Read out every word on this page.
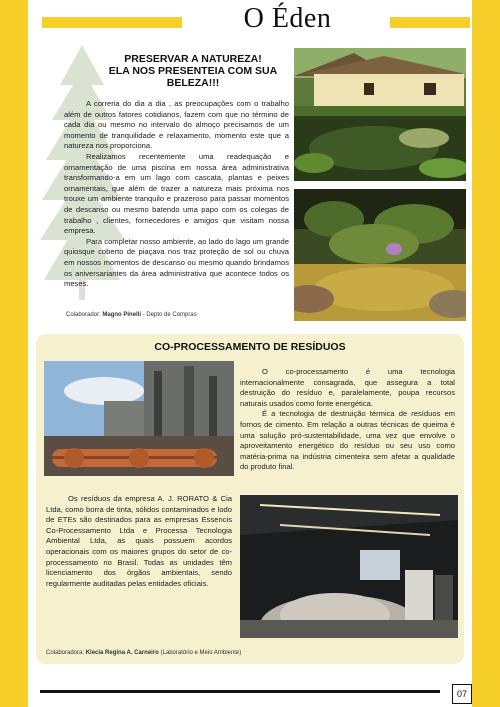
O Éden
PRESERVAR A NATUREZA!
ELA NOS PRESENTEIA COM SUA
BELEZA!!!

A correria do dia a dia , as preocupações com o trabalho além de outros fatores cotidianos, fazem com que no término de cada dia ou mesmo no intervalo do almoço precisamos de um momento de tranquilidade e relaxamento, momento este que a natureza nos proporciona.

Realizamos recentemente uma readequação e ornamentação de uma piscina em nossa área administrativa transformando-a em um lago com cascata, plantas e peixes ornamentais, que além de trazer a natureza mais próxima nos trouxe um ambiente tranquilo e prazeroso para passar momentos de descanso ou mesmo batendo uma papo com os colegas de trabalho , clientes, fornecedores e amigos que visitam nossa empresa.

Para completar nosso ambiente, ao lado do lago um grande quiosque coberto de piaçava nos traz proteção de sol ou chuva em nossos momentos de descanso ou mesmo quando brindamos os aniversariantes da área administrativa que acontece todos os meses.

Colaborador: Magno Pinelli - Depto de Compras
CO-PROCESSAMENTO DE RESÍDUOS

O co-processamento é uma tecnologia internacionalmente consagrada, que assegura a total destruição do resíduo e, paralelamente, poupa recursos naturais usados como fonte energética.

É a tecnologia de destruição térmica de resíduos em fornos de cimento. Em relação a outras técnicas de queima é uma solução pró-sustentabilidade, uma vez que envolve o aproveitamento energético do resíduo ou seu uso como matéria-prima na indústria cimenteira sem afetar a qualidade do produto final.

Os resíduos da empresa A. J. RORATO & Cia Ltda, como borra de tinta, sólidos contaminados e lodo de ETEs são destinados para as empresas Essencis Co-Processamento Ltda e Processa Tecnologia Ambiental Ltda, as quais possuem acordos operacionais com os maiores grupos do setor de co-processamento no Brasil. Todas as unidades têm licenciamento dos órgãos ambientais, sendo regularmente auditadas pelas entidades oficiais.

Colaboradora: Klecia Regina A. Carneiro (Laboratório e Meio Ambiente)
07
